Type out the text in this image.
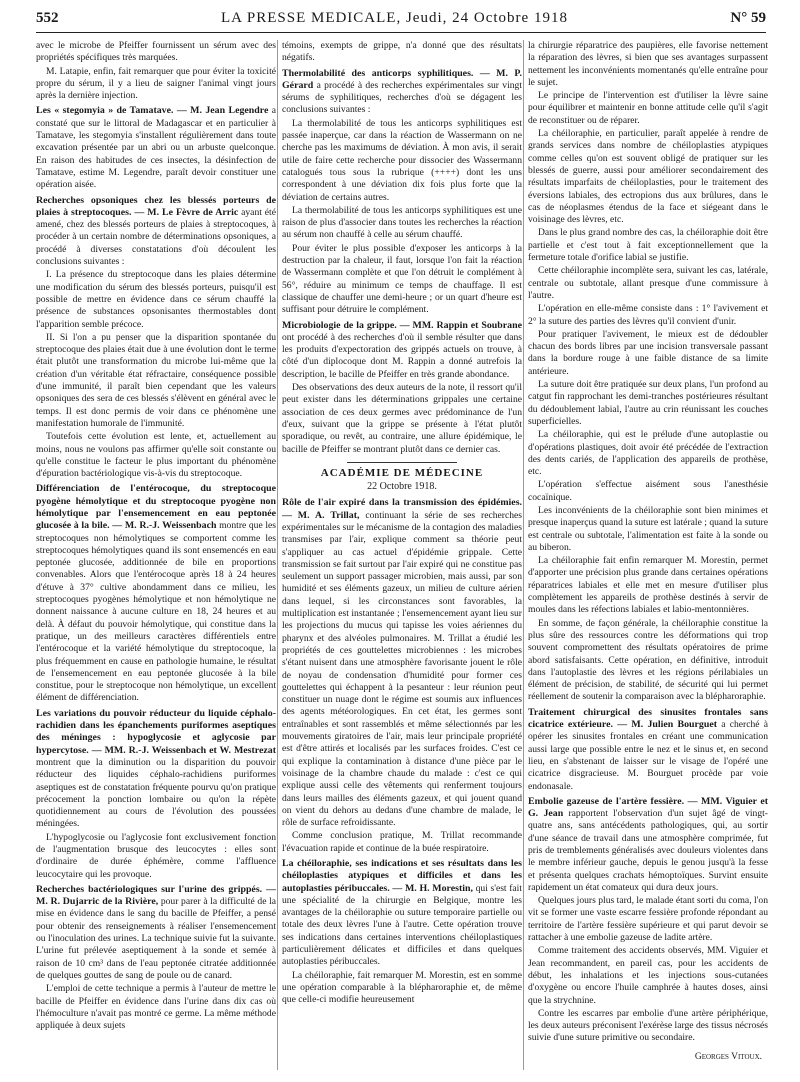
552	LA PRESSE MEDICALE, Jeudi, 24 Octobre 1918	N° 59

avec le microbe de Pfeiffer fournissent un sérum avec des propriétés spécifiques très marquées.

M. Latapie, enfin, fait remarquer que pour éviter la toxicité propre du sérum, il y a lieu de saigner l'animal vingt jours après la dernière injection.

Les « stegomyia » de Tamatave. — M. Jean Legendre a constaté que sur le littoral de Madagascar et en particulier à Tamatave, les stegomyia s'installent régulièrement dans toute excavation présentée par un abri ou un arbuste quelconque. En raison des habitudes de ces insectes, la désinfection de Tamatave, estime M. Legendre, paraît devoir constituer une opération aisée.
Recherches opsoniques chez les blessés porteurs de plaies à streptocoques. — M. Le Fèvre de Arric ayant été amené, chez des blessés porteurs de plaies à streptocoques, à procéder à un certain nombre de déterminations opsoniques, a procédé à diverses constatations d'où découlent les conclusions suivantes :

I. La présence du streptocoque dans les plaies détermine une modification du sérum des blessés porteurs, puisqu'il est possible de mettre en évidence dans ce sérum chauffé la présence de substances opsonisantes thermostables dont l'apparition semble précoce.

II. Si l'on a pu penser que la disparition spontanée du streptocoque des plaies était due à une évolution dont le terme était plutôt une transformation du microbe lui-même que la création d'un véritable état réfractaire, conséquence possible d'une immunité, il paraît bien cependant que les valeurs opsoniques des sera de ces blessés s'élèvent en général avec le temps. Il est donc permis de voir dans ce phénomène une manifestation humorale de l'immunité.

Toutefois cette évolution est lente, et, actuellement au moins, nous ne voulons pas affirmer qu'elle soit constante ou qu'elle constitue le facteur le plus important du phénomène d'épuration bactériologique vis-à-vis du streptocoque.

Différenciation de l'entérocoque, du streptocoque pyogène hémolytique et du streptocoque pyogène non hémolytique par l'ensemencement en eau peptonée glucosée à la bile. — M. R.-J. Weissenbach montre que les streptocoques non hémolytiques se comportent comme les streptocoques hémolytiques quand ils sont ensemencés en eau peptonée glucosée, additionnée de bile en proportions convenables. Alors que l'entérocoque après 18 à 24 heures d'étuve à 37° cultive abondamment dans ce milieu, les streptocoques pyogènes hémolytique et non hémolytique ne donnent naissance à aucune culture en 18, 24 heures et au delà. À défaut du pouvoir hémolytique, qui constitue dans la pratique, un des meilleurs caractères différentiels entre l'entérocoque et la variété hémolytique du streptocoque, la plus fréquemment en cause en pathologie humaine, le résultat de l'ensemencement en eau peptonée glucosée à la bile constitue, pour le streptocoque non hémolytique, un excellent élément de différenciation.
Les variations du pouvoir réducteur du liquide céphalo-rachidien dans les épanchements puriformes aseptiques des méninges : hypoglycosie et aglycosie par hypercytose. — MM. R.-J. Weissenbach et W. Mestrezat montrent que la diminution ou la disparition du pouvoir réducteur des liquides céphalo-rachidiens puriformes aseptiques est de constatation fréquente pourvu qu'on pratique précocement la ponction lombaire ou qu'on la répète quotidiennement au cours de l'évolution des poussées méningées.

L'hypoglycosie ou l'aglycosie font exclusivement fonction de l'augmentation brusque des leucocytes : elles sont d'ordinaire de durée éphémère, comme l'affluence leucocytaire qui les provoque.

Recherches bactériologiques sur l'urine des grippés. — M. R. Dujarric de la Rivière, pour parer à la difficulté de la mise en évidence dans le sang du bacille de Pfeiffer, a pensé pour obtenir des renseignements à réaliser l'ensemencement ou l'inoculation des urines. La technique suivie fut la suivante. L'urine fut prélevée aseptiquement à la sonde et semée à raison de 10 cm³ dans de l'eau peptonée citratée additionnée de quelques gouttes de sang de poule ou de canard.

L'emploi de cette technique a permis à l'auteur de mettre le bacille de Pfeiffer en évidence dans l'urine dans dix cas où l'hémoculture n'avait pas montré ce germe. La même méthode appliquée à deux sujets

témoins, exempts de grippe, n'a donné que des résultats négatifs.

Thermolabilité des anticorps syphilitiques. — M. P. Gérard a procédé à des recherches expérimentales sur vingt sérums de syphilitiques, recherches d'où se dégagent les conclusions suivantes :

La thermolabilité de tous les anticorps syphilitiques est passée inaperçue, car dans la réaction de Wassermann on ne cherche pas les maximums de déviation. À mon avis, il serait utile de faire cette recherche pour dissocier des Wassermann catalogués tous sous la rubrique (++++) dont les uns correspondent à une déviation dix fois plus forte que la déviation de certains autres.

La thermolabilité de tous les anticorps syphilitiques est une raison de plus d'associer dans toutes les recherches la réaction au sérum non chauffé à celle au sérum chauffé.

Pour éviter le plus possible d'exposer les anticorps à la destruction par la chaleur, il faut, lorsque l'on fait la réaction de Wassermann complète et que l'on détruit le complément à 56°, réduire au minimum ce temps de chauffage. Il est classique de chauffer une demi-heure ; or un quart d'heure est suffisant pour détruire le complément.

Microbiologie de la grippe. — MM. Rappin et Soubrane ont procédé à des recherches d'où il semble résulter que dans les produits d'expectoration des grippés actuels on trouve, à côté d'un diplocoque dont M. Rappin a donné autrefois la description, le bacille de Pfeiffer en très grande abondance.

Des observations des deux auteurs de la note, il ressort qu'il peut exister dans les déterminations grippales une certaine association de ces deux germes avec prédominance de l'un d'eux, suivant que la grippe se présente à l'état plutôt sporadique, ou revêt, au contraire, une allure épidémique, le bacille de Pfeiffer se montrant plutôt dans ce dernier cas.

ACADÉMIE DE MÉDECINE
22 Octobre 1918.
Rôle de l'air expiré dans la transmission des épidémies. — M. A. Trillat, continuant la série de ses recherches expérimentales sur le mécanisme de la contagion des maladies transmises par l'air, explique comment sa théorie peut s'appliquer au cas actuel d'épidémie grippale. Cette transmission se fait surtout par l'air expiré qui ne constitue pas seulement un support passager microbien, mais aussi, par son humidité et ses éléments gazeux, un milieu de culture aérien dans lequel, si les circonstances sont favorables, la multiplication est instantanée ; l'ensemencement ayant lieu sur les projections du mucus qui tapisse les voies aériennes du pharynx et des alvéoles pulmonaires. M. Trillat a étudié les propriétés de ces gouttelettes microbiennes : les microbes s'étant nuisent dans une atmosphère favorisante jouent le rôle de noyau de condensation d'humidité pour former ces gouttelettes qui échappent à la pesanteur : leur réunion peut constituer un nuage dont le régime est soumis aux influences des agents météorologiques. En cet état, les germes sont entraînables et sont rassemblés et même sélectionnés par les mouvements giratoires de l'air, mais leur principale propriété est d'être attirés et localisés par les surfaces froides. C'est ce qui explique la contamination à distance d'une pièce par le voisinage de la chambre chaude du malade : c'est ce qui explique aussi celle des vêtements qui renferment toujours dans leurs mailles des éléments gazeux, et qui jouent quand on vient du dehors au dedans d'une chambre de malade, le rôle de surface refroidissante.

Comme conclusion pratique, M. Trillat recommande l'évacuation rapide et continue de la buée respiratoire.

La chéiloraphie, ses indications et ses résultats dans les chéiloplasties atypiques et difficiles et dans les autoplasties péribuccales. — M. H. Morestin, qui s'est fait une spécialité de la chirurgie en Belgique, montre les avantages de la chéiloraphie ou suture temporaire partielle ou totale des deux lèvres l'une à l'autre. Cette opération trouve ses indications dans certaines interventions chéiloplastiques particulièrement délicates et difficiles et dans quelques autoplasties péribuccales.

La chéiloraphie, fait remarquer M. Morestin, est en somme une opération comparable à la blépharoraphie et, de même que celle-ci modifie heureusement

la chirurgie réparatrice des paupières, elle favorise nettement la réparation des lèvres, si bien que ses avantages surpassent nettement les inconvénients momentanés qu'elle entraîne pour le sujet.

Le principe de l'intervention est d'utiliser la lèvre saine pour équilibrer et maintenir en bonne attitude celle qu'il s'agit de reconstituer ou de réparer.

La chéiloraphie, en particulier, paraît appelée à rendre de grands services dans nombre de chéiloplasties atypiques comme celles qu'on est souvent obligé de pratiquer sur les blessés de guerre, aussi pour améliorer secondairement des résultats imparfaits de chéiloplasties, pour le traitement des éversions labiales, des ectropions dus aux brûlures, dans le cas de néoplasmes étendus de la face et siégeant dans le voisinage des lèvres, etc.

Dans le plus grand nombre des cas, la chéiloraphie doit être partielle et c'est tout à fait exceptionnellement que la fermeture totale d'orifice labial se justifie.

Cette chéiloraphie incomplète sera, suivant les cas, latérale, centrale ou subtotale, allant presque d'une commissure à l'autre.

L'opération en elle-même consiste dans : 1° l'avivement et 2° la suture des parties des lèvres qu'il convient d'unir.

Pour pratiquer l'avivement, le mieux est de dédoubler chacun des bords libres par une incision transversale passant dans la bordure rouge à une faible distance de sa limite antérieure.

La suture doit être pratiquée sur deux plans, l'un profond au catgut fin rapprochant les demi-tranches postérieures résultant du dédoublement labial, l'autre au crin réunissant les couches superficielles.

La chéiloraphie, qui est le prélude d'une autoplastie ou d'opérations plastiques, doit avoir été précédée de l'extraction des dents cariés, de l'application des appareils de prothèse, etc.

L'opération s'effectue aisément sous l'anesthésie cocaïnique.

Les inconvénients de la chéiloraphie sont bien minimes et presque inaperçus quand la suture est latérale ; quand la suture est centrale ou subtotale, l'alimentation est faite à la sonde ou au biberon.

La chéiloraphie fait enfin remarquer M. Morestin, permet d'apporter une précision plus grande dans certaines opérations réparatrices labiales et elle met en mesure d'utiliser plus complètement les appareils de prothèse destinés à servir de moules dans les réfections labiales et labio-mentonnières.

En somme, de façon générale, la chéiloraphie constitue la plus sûre des ressources contre les déformations qui trop souvent compromettent des résultats opératoires de prime abord satisfaisants. Cette opération, en définitive, introduit dans l'autoplastie des lèvres et les régions périlabiales un élément de précision, de stabilité, de sécurité qui lui permet réellement de soutenir la comparaison avec la blépharoraphie.

Traitement chirurgical des sinusites frontales sans cicatrice extérieure. — M. Julien Bourguet a cherché à opérer les sinusites frontales en créant une communication aussi large que possible entre le nez et le sinus et, en second lieu, en s'abstenant de laisser sur le visage de l'opéré une cicatrice disgracieuse. M. Bourguet procède par voie endonasale.
Embolie gazeuse de l'artère fessière. — MM. Viguier et G. Jean rapportent l'observation d'un sujet âgé de vingt-quatre ans, sans antécédents pathologiques, qui, au sortir d'une séance de travail dans une atmosphère comprimée, fut pris de tremblements généralisés avec douleurs violentes dans le membre inférieur gauche, depuis le genou jusqu'à la fesse et présenta quelques crachats hémoptoïques. Survint ensuite rapidement un état comateux qui dura deux jours.

Quelques jours plus tard, le malade étant sorti du coma, l'on vit se former une vaste escarre fessière profonde répondant au territoire de l'artère fessière supérieure et qui parut devoir se rattacher à une embolie gazeuse de ladite artère.

Comme traitement des accidents observés, MM. Viguier et Jean recommandent, en pareil cas, pour les accidents de début, les inhalations et les injections sous-cutanées d'oxygène ou encore l'huile camphrée à hautes doses, ainsi que la strychnine.

Contre les escarres par embolie d'une artère périphérique, les deux auteurs préconisent l'exérèse large des tissus nécrosés suivie d'une suture primitive ou secondaire.

Georges Vitoux.
